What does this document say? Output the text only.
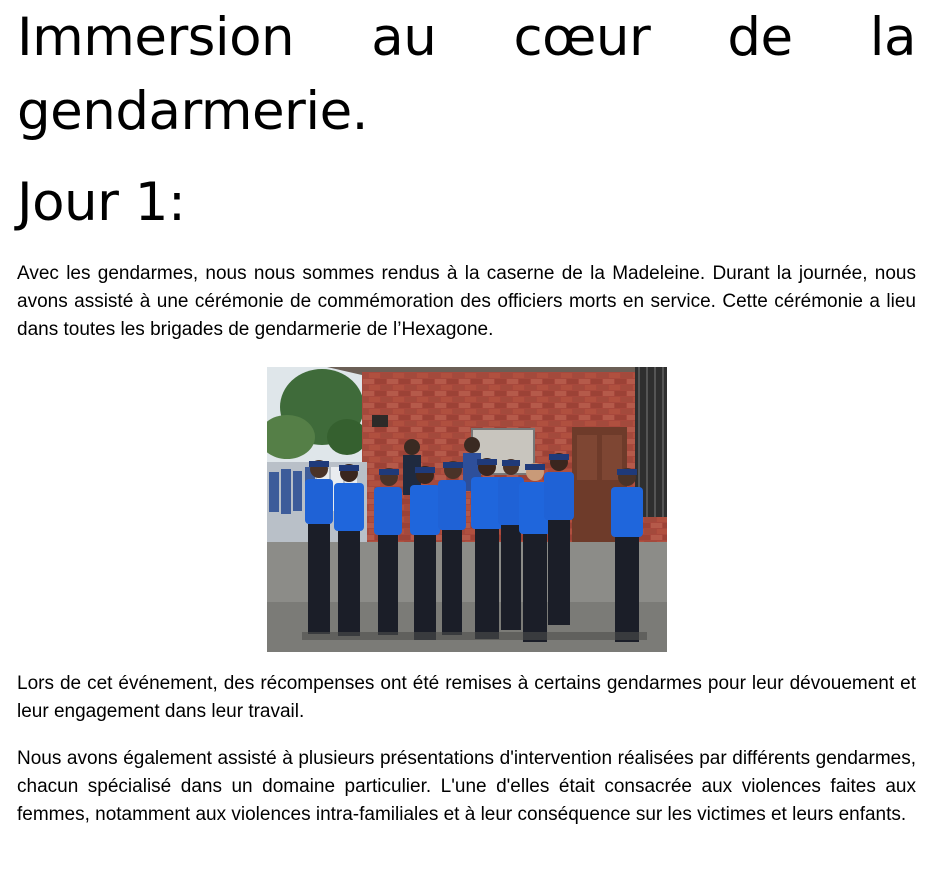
Immersion au cœur de la gendarmerie.
Jour 1:

Avec les gendarmes, nous nous sommes rendus à la caserne de la Madeleine. Durant la journée, nous avons assisté à une cérémonie de commémoration des officiers morts en service. Cette cérémonie a lieu dans toutes les brigades de gendarmerie de l’Hexagone.

Lors de cet événement, des récompenses ont été remises à certains gendarmes pour leur dévouement et leur engagement dans leur travail.

Nous avons également assisté à plusieurs présentations d'intervention réalisées par différents gendarmes, chacun spécialisé dans un domaine particulier. L'une d'elles était consacrée aux violences faites aux femmes, notamment aux violences intra-familiales et à leur conséquence sur les victimes et leurs enfants.
